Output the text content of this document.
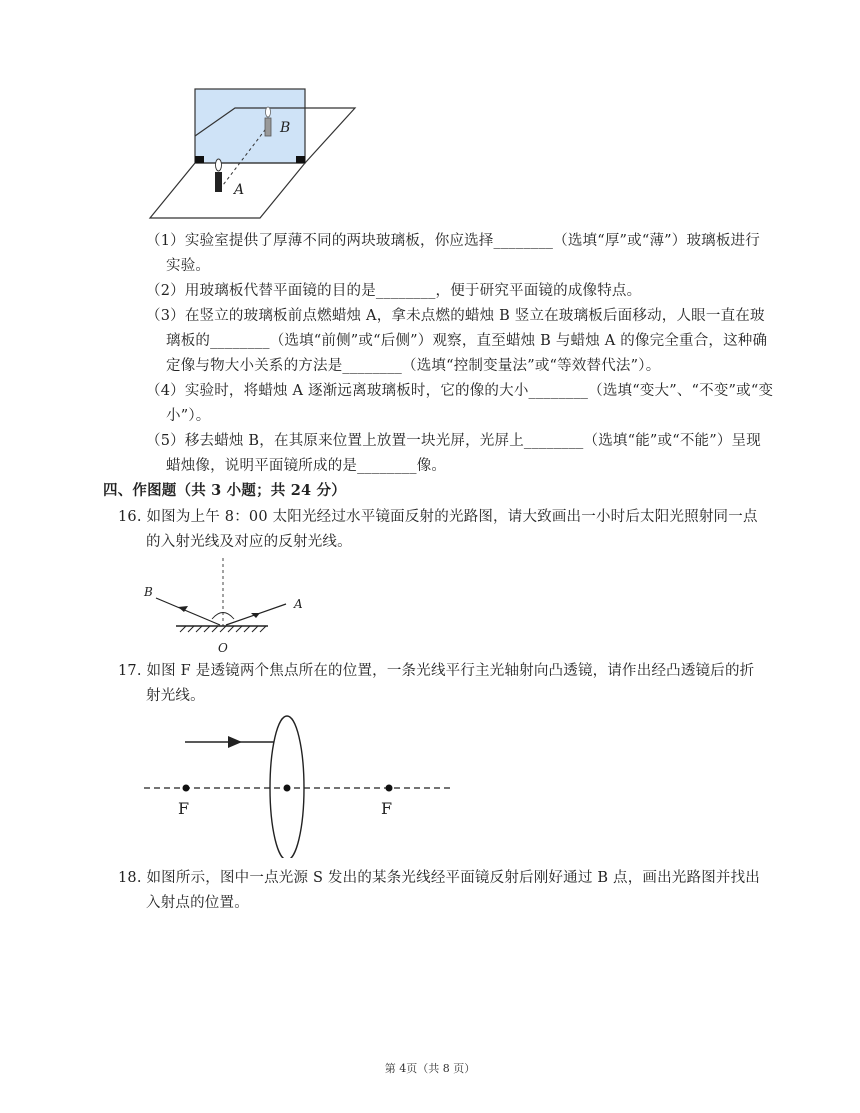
B
A
（1）实验室提供了厚薄不同的两块玻璃板，你应选择________（选填“厚”或“薄”）玻璃板进行
实验。
（2）用玻璃板代替平面镜的目的是________，便于研究平面镜的成像特点。
（3）在竖立的玻璃板前点燃蜡烛 A，拿未点燃的蜡烛 B 竖立在玻璃板后面移动，人眼一直在玻
璃板的________（选填“前侧”或“后侧”）观察，直至蜡烛 B 与蜡烛 A 的像完全重合，这种确
定像与物大小关系的方法是________（选填“控制变量法”或“等效替代法”）。
（4）实验时，将蜡烛 A 逐渐远离玻璃板时，它的像的大小________（选填“变大”、“不变”或“变
小”）。
（5）移去蜡烛 B，在其原来位置上放置一块光屏，光屏上________（选填“能”或“不能”）呈现
蜡烛像，说明平面镜所成的是________像。
四、作图题（共 3 小题；共 24 分）
16. 如图为上午 8：00 太阳光经过水平镜面反射的光路图，请大致画出一小时后太阳光照射同一点
的入射光线及对应的反射光线。
B
A
O
17. 如图 F 是透镜两个焦点所在的位置，一条光线平行主光轴射向凸透镜，请作出经凸透镜后的折
射光线。
F	F
18. 如图所示，图中一点光源 S 发出的某条光线经平面镜反射后刚好通过 B 点，画出光路图并找出
入射点的位置。
第 4页（共 8 页）
